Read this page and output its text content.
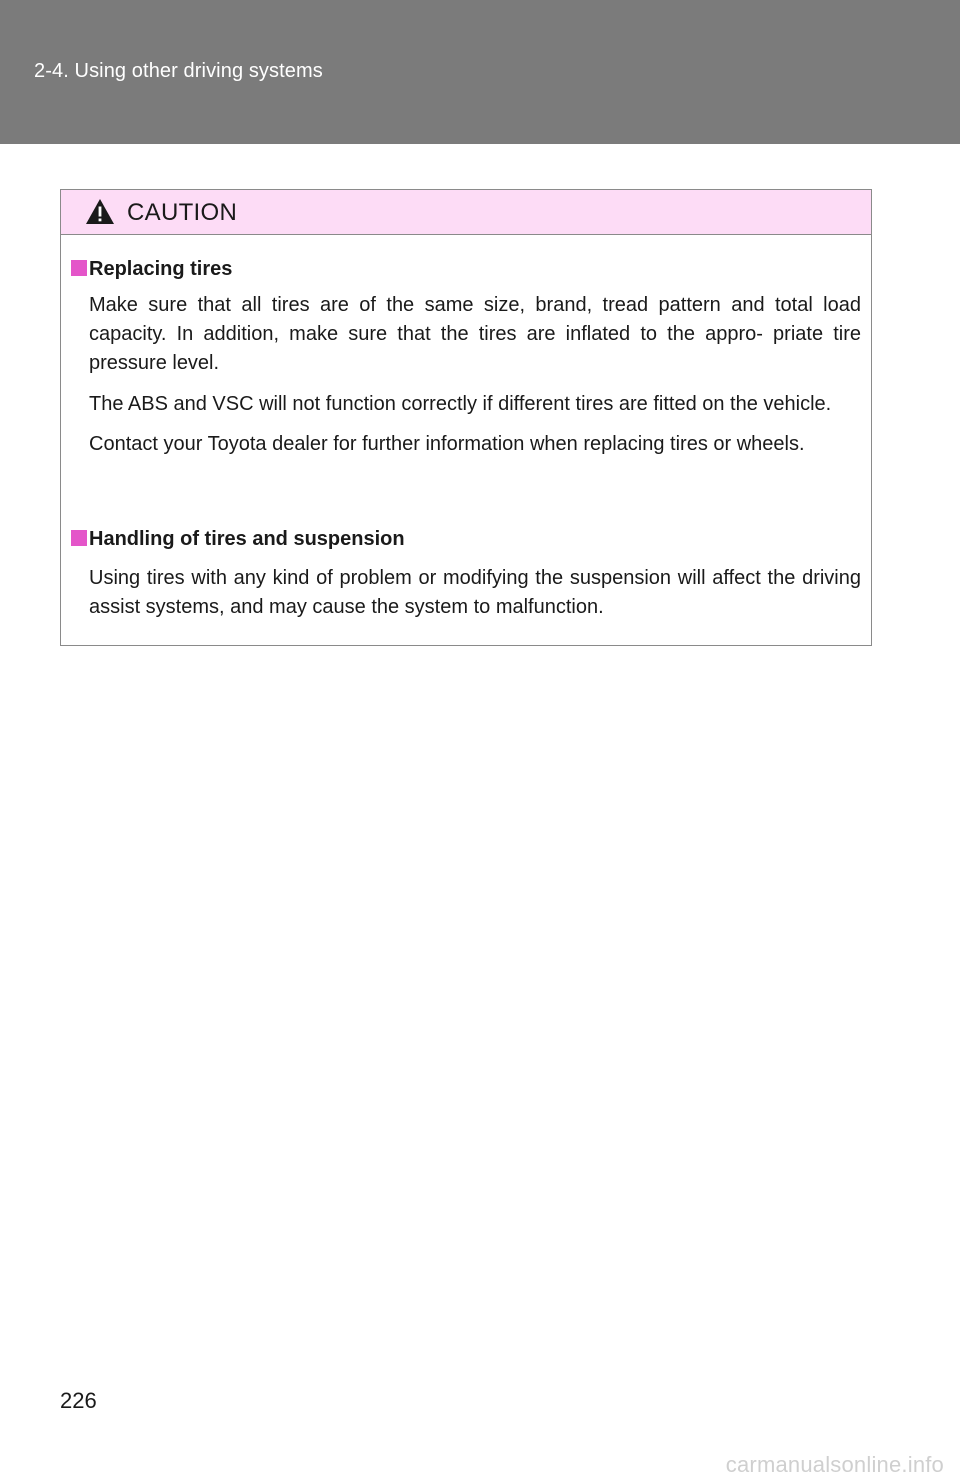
2-4. Using other driving systems
CAUTION
Replacing tires

Make sure that all tires are of the same size, brand, tread pattern and total load capacity. In addition, make sure that the tires are inflated to the appro- priate tire pressure level.

The ABS and VSC will not function correctly if different tires are fitted on the vehicle.

Contact your Toyota dealer for further information when replacing tires or wheels.

Handling of tires and suspension

Using tires with any kind of problem or modifying the suspension will affect the driving assist systems, and may cause the system to malfunction.

226
carmanualsonline.info
